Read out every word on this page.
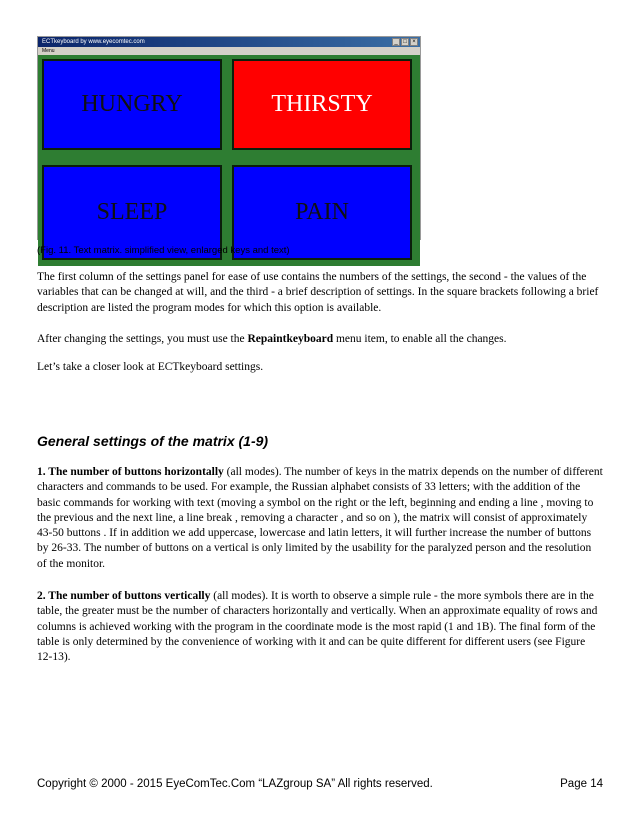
ECTkeyboard by www.eyecomtec.com	_ □ ×
Menu
HUNGRY	THIRSTY
SLEEP	PAIN
(Fig. 11. Text matrix. simplified view, enlarged keys and text)
The first column of the settings panel for ease of use contains the numbers of the settings, the second - the values of the variables that can be changed at will, and the third - a brief description of settings. In the square brackets following a brief description are listed the program modes for which this option is available.
After changing the settings, you must use the Repaintkeyboard menu item, to enable all the changes.
Let’s take a closer look at ECTkeyboard settings.
General settings of the matrix (1-9)
1. The number of buttons horizontally (all modes). The number of keys in the matrix depends on the number of different characters and commands to be used. For example, the Russian alphabet consists of 33 letters; with the addition of the basic commands for working with text (moving a symbol on the right or the left, beginning and ending a line , moving to the previous and the next line, a line break , removing a character , and so on ), the matrix will consist of approximately 43-50 buttons . If in addition we add uppercase, lowercase and latin letters, it will further increase the number of buttons by 26-33. The number of buttons on a vertical is only limited by the usability for the paralyzed person and the resolution of the monitor.
2. The number of buttons vertically (all modes). It is worth to observe a simple rule - the more symbols there are in the table, the greater must be the number of characters horizontally and vertically. When an approximate equality of rows and columns is achieved working with the program in the coordinate mode is the most rapid (1 and 1B). The final form of the table is only determined by the convenience of working with it and can be quite different for different users (see Figure 12-13).
Copyright © 2000 - 2015 EyeComTec.Com “LAZgroup SA” All rights reserved.	Page 14
